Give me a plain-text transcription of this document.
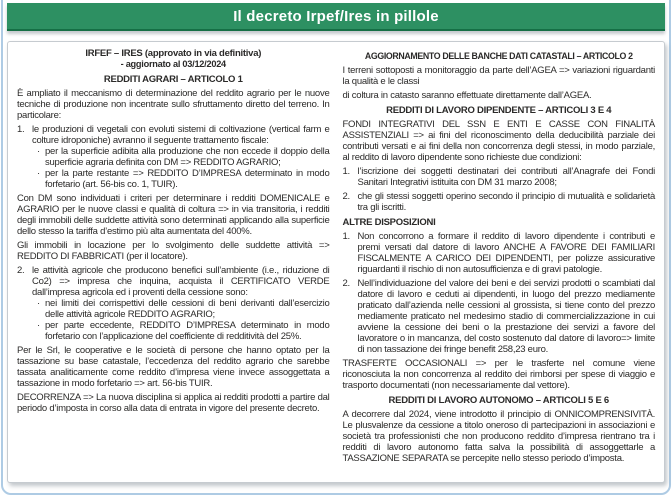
Il decreto Irpef/Ires in pillole
IRFEF – IRES (approvato in via definitiva)
- aggiornato al 03/12/2024
REDDITI AGRARI – ARTICOLO 1
È ampliato il meccanismo di determinazione del reddito agrario per le nuove tecniche di produzione non incentrate sullo sfruttamento diretto del terreno. In particolare:
1. le produzioni di vegetali con evoluti sistemi di coltivazione (vertical farm e colture idroponiche) avranno il seguente trattamento fiscale:
· per la superficie adibita alla produzione che non eccede il doppio della superficie agraria definita con DM => REDDITO AGRARIO;
· per la parte restante => REDDITO D’IMPRESA determinato in modo forfetario (art. 56-bis co. 1, TUIR).
Con DM sono individuati i criteri per determinare i redditi DOMENICALE e AGRARIO per le nuove classi e qualità di coltura => in via transitoria, i redditi degli immobili delle suddette attività sono determinati applicando alla superficie dello stesso la tariffa d’estimo più alta aumentata del 400%.
Gli immobili in locazione per lo svolgimento delle suddette attività => REDDITO DI FABBRICATI (per il locatore).
2. le attività agricole che producono benefici sull’ambiente (i.e., riduzione di Co2) => impresa che inquina, acquista il CERTIFICATO VERDE dall’impresa agricola ed i proventi della cessione sono:
· nei limiti dei corrispettivi delle cessioni di beni derivanti dall’esercizio delle attività agricole REDDITO AGRARIO;
· per parte eccedente, REDDITO D’IMPRESA determinato in modo forfetario con l’applicazione del coefficiente di redditività del 25%.
Per le Srl, le cooperative e le società di persone che hanno optato per la tassazione su base catastale, l’eccedenza del reddito agrario che sarebbe tassata analiticamente come reddito d’impresa viene invece assoggettata a tassazione in modo forfetario => art. 56-bis TUIR.
DECORRENZA => La nuova disciplina si applica ai redditi prodotti a partire dal periodo d’imposta in corso alla data di entrata in vigore del presente decreto.
AGGIORNAMENTO DELLE BANCHE DATI CATASTALI – ARTICOLO 2
I terreni sottoposti a monitoraggio da parte dell’AGEA => variazioni riguardanti la qualità e le classi
di coltura in catasto saranno effettuate direttamente dall’AGEA.
REDDITI DI LAVORO DIPENDENTE – ARTICOLI 3 E 4
FONDI INTEGRATIVI DEL SSN E ENTI E CASSE CON FINALITÀ ASSISTENZIALI => ai fini del riconoscimento della deducibilità parziale dei contributi versati e ai fini della non concorrenza degli stessi, in modo parziale, al reddito di lavoro dipendente sono richieste due condizioni:
1. l’iscrizione dei soggetti destinatari dei contributi all’Anagrafe dei Fondi Sanitari Integrativi istituita con DM 31 marzo 2008;
2. che gli stessi soggetti operino secondo il principio di mutualità e solidarietà tra gli iscritti.
ALTRE DISPOSIZIONI
1. Non concorrono a formare il reddito di lavoro dipendente i contributi e premi versati dal datore di lavoro ANCHE A FAVORE DEI FAMILIARI FISCALMENTE A CARICO DEI DIPENDENTI, per polizze assicurative riguardanti il rischio di non autosufficienza e di gravi patologie.
2. Nell’individuazione del valore dei beni e dei servizi prodotti o scambiati dal datore di lavoro e ceduti ai dipendenti, in luogo del prezzo mediamente praticato dall’azienda nelle cessioni al grossista, si tiene conto del prezzo mediamente praticato nel medesimo stadio di commercializzazione in cui avviene la cessione dei beni o la prestazione dei servizi a favore del lavoratore o in mancanza, del costo sostenuto dal datore di lavoro=> limite di non tassazione dei fringe benefit 258,23 euro.
TRASFERTE OCCASIONALI => per le trasferte nel comune viene riconosciuta la non concorrenza al reddito dei rimborsi per spese di viaggio e trasporto documentati (non necessariamente dal vettore).
REDDITI DI LAVORO AUTONOMO – ARTICOLI 5 E 6
A decorrere dal 2024, viene introdotto il principio di ONNICOMPRENSIVITÀ. Le plusvalenze da cessione a titolo oneroso di partecipazioni in associazioni e società tra professionisti che non producono reddito d’impresa rientrano tra i redditi di lavoro autonomo fatta salva la possibilità di assoggettarle a TASSAZIONE SEPARATA se percepite nello stesso periodo d’imposta.
